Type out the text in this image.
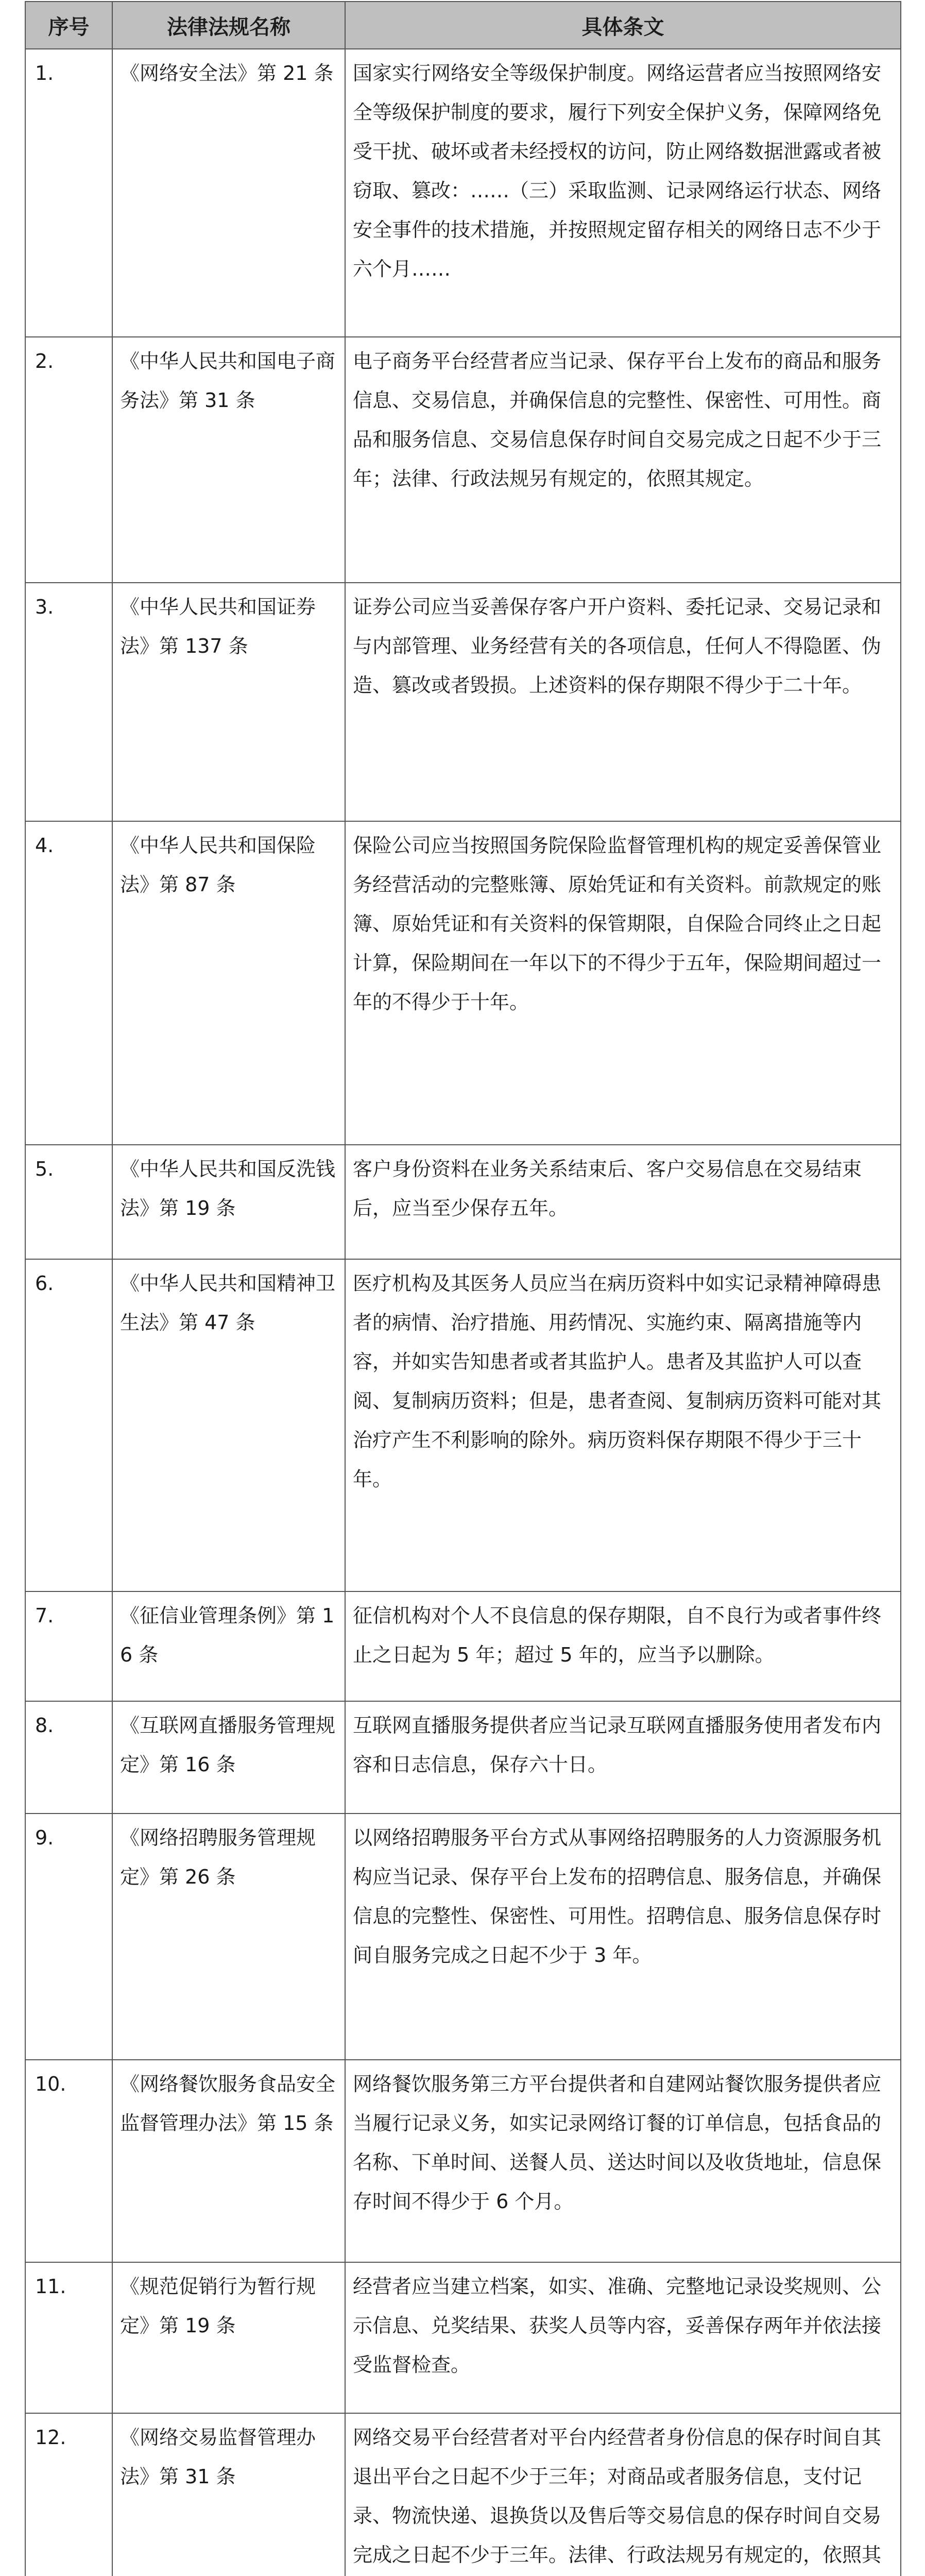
序号	法律法规名称	具体条文
1.	《网络安全法》第 21 条	国家实行网络安全等级保护制度。网络运营者应当按照网络安全等级保护制度的要求，履行下列安全保护义务，保障网络免受干扰、破坏或者未经授权的访问，防止网络数据泄露或者被窃取、篡改：……（三）采取监测、记录网络运行状态、网络安全事件的技术措施，并按照规定留存相关的网络日志不少于六个月……

2.	《中华人民共和国电子商务法》第 31 条	电子商务平台经营者应当记录、保存平台上发布的商品和服务信息、交易信息，并确保信息的完整性、保密性、可用性。商品和服务信息、交易信息保存时间自交易完成之日起不少于三年；法律、行政法规另有规定的，依照其规定。

3.	《中华人民共和国证券法》第 137 条	证券公司应当妥善保存客户开户资料、委托记录、交易记录和与内部管理、业务经营有关的各项信息，任何人不得隐匿、伪造、篡改或者毁损。上述资料的保存期限不得少于二十年。

4.	《中华人民共和国保险法》第 87 条	保险公司应当按照国务院保险监督管理机构的规定妥善保管业务经营活动的完整账簿、原始凭证和有关资料。前款规定的账簿、原始凭证和有关资料的保管期限，自保险合同终止之日起计算，保险期间在一年以下的不得少于五年，保险期间超过一年的不得少于十年。

5.	《中华人民共和国反洗钱法》第 19 条	客户身份资料在业务关系结束后、客户交易信息在交易结束后，应当至少保存五年。

6.	《中华人民共和国精神卫生法》第 47 条	医疗机构及其医务人员应当在病历资料中如实记录精神障碍患者的病情、治疗措施、用药情况、实施约束、隔离措施等内容，并如实告知患者或者其监护人。患者及其监护人可以查阅、复制病历资料；但是，患者查阅、复制病历资料可能对其治疗产生不利影响的除外。病历资料保存期限不得少于三十年。

7.	《征信业管理条例》第 16 条	征信机构对个人不良信息的保存期限，自不良行为或者事件终止之日起为 5 年；超过 5 年的，应当予以删除。

8.	《互联网直播服务管理规定》第 16 条	互联网直播服务提供者应当记录互联网直播服务使用者发布内容和日志信息，保存六十日。

9.	《网络招聘服务管理规定》第 26 条	以网络招聘服务平台方式从事网络招聘服务的人力资源服务机构应当记录、保存平台上发布的招聘信息、服务信息，并确保信息的完整性、保密性、可用性。招聘信息、服务信息保存时间自服务完成之日起不少于 3 年。

10.	《网络餐饮服务食品安全监督管理办法》第 15 条	网络餐饮服务第三方平台提供者和自建网站餐饮服务提供者应当履行记录义务，如实记录网络订餐的订单信息，包括食品的名称、下单时间、送餐人员、送达时间以及收货地址，信息保存时间不得少于 6 个月。

11.	《规范促销行为暂行规定》第 19 条	经营者应当建立档案，如实、准确、完整地记录设奖规则、公示信息、兑奖结果、获奖人员等内容，妥善保存两年并依法接受监督检查。

12.	《网络交易监督管理办法》第 31 条	网络交易平台经营者对平台内经营者身份信息的保存时间自其退出平台之日起不少于三年；对商品或者服务信息，支付记录、物流快递、退换货以及售后等交易信息的保存时间自交易完成之日起不少于三年。法律、行政法规另有规定的，依照其
